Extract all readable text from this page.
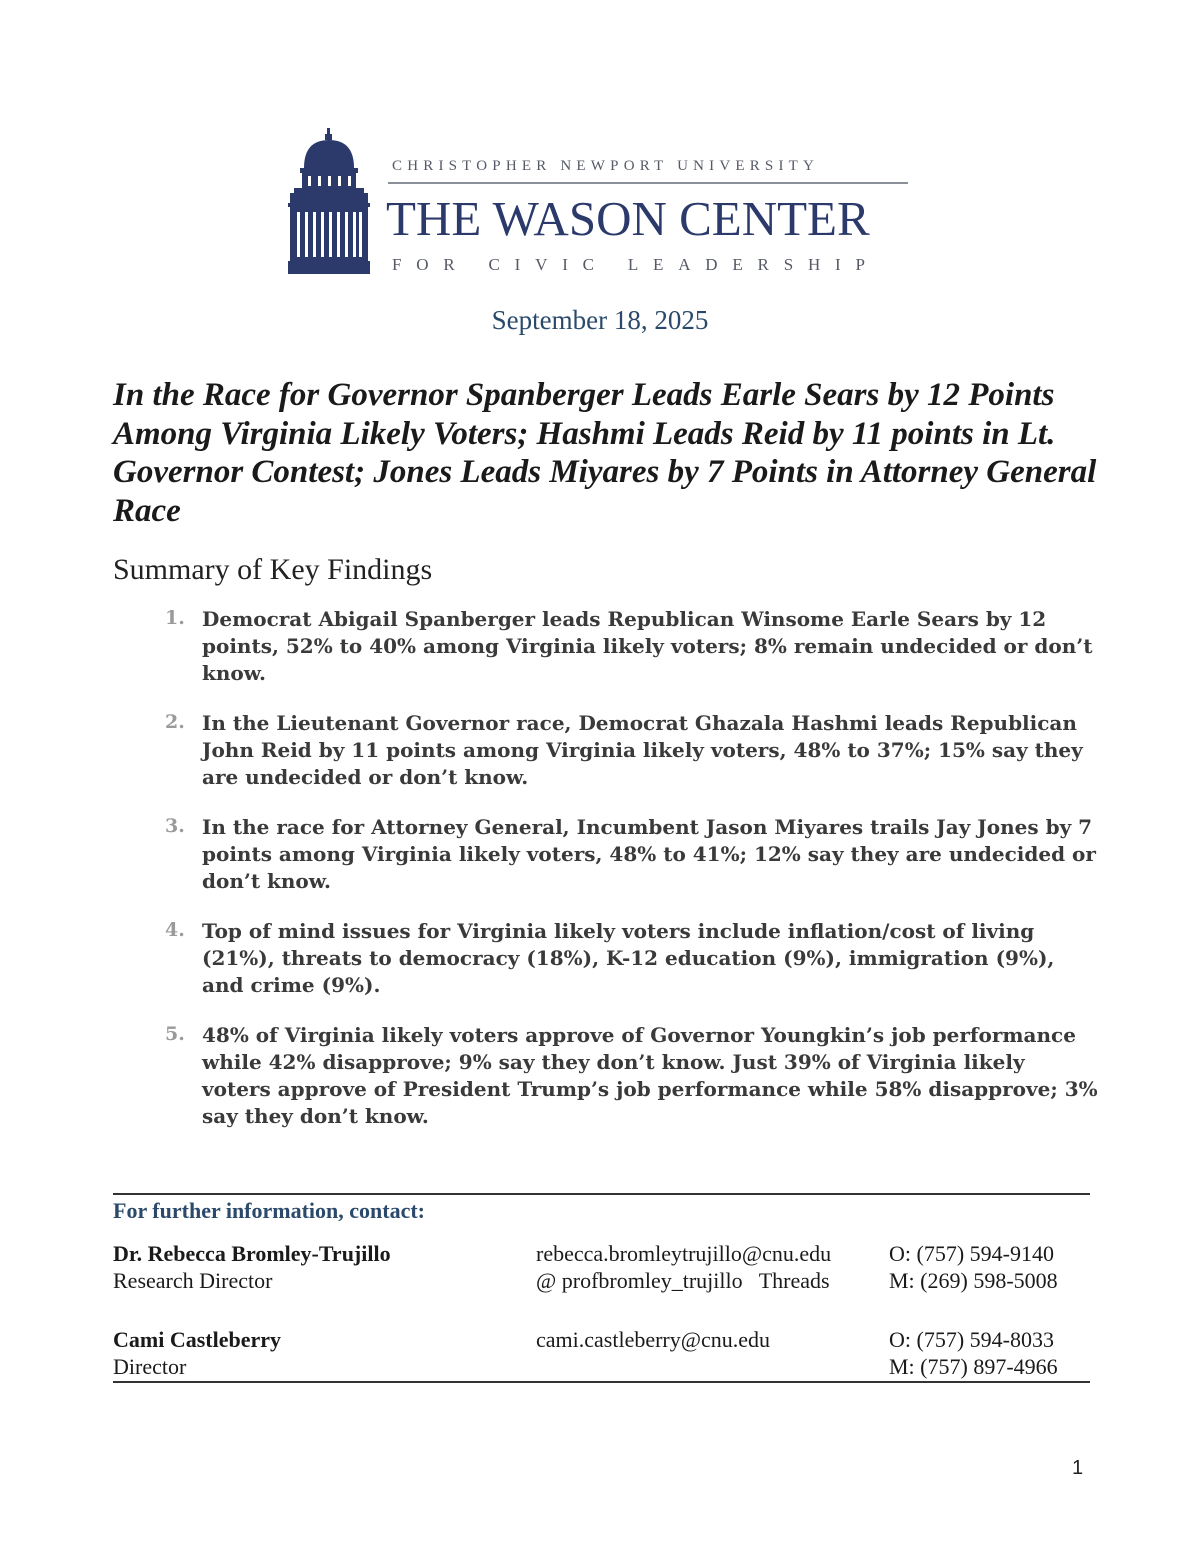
CHRISTOPHER NEWPORT UNIVERSITY
THE WASON CENTER
FOR CIVIC LEADERSHIP
September 18, 2025
In the Race for Governor Spanberger Leads Earle Sears by 12 Points Among Virginia Likely Voters; Hashmi Leads Reid by 11 points in Lt. Governor Contest; Jones Leads Miyares by 7 Points in Attorney General Race
Summary of Key Findings
1. Democrat Abigail Spanberger leads Republican Winsome Earle Sears by 12 points, 52% to 40% among Virginia likely voters; 8% remain undecided or don’t know.
2. In the Lieutenant Governor race, Democrat Ghazala Hashmi leads Republican John Reid by 11 points among Virginia likely voters, 48% to 37%; 15% say they are undecided or don’t know.
3. In the race for Attorney General, Incumbent Jason Miyares trails Jay Jones by 7 points among Virginia likely voters, 48% to 41%; 12% say they are undecided or don’t know.
4. Top of mind issues for Virginia likely voters include inflation/cost of living (21%), threats to democracy (18%), K-12 education (9%), immigration (9%), and crime (9%).
5. 48% of Virginia likely voters approve of Governor Youngkin’s job performance while 42% disapprove; 9% say they don’t know. Just 39% of Virginia likely voters approve of President Trump’s job performance while 58% disapprove; 3% say they don’t know.
For further information, contact:
Dr. Rebecca Bromley-Trujillo
Research Director
rebecca.bromleytrujillo@cnu.edu
@ profbromley_trujillo   Threads
O: (757) 594-9140
M: (269) 598-5008
Cami Castleberry
Director
cami.castleberry@cnu.edu	O: (757) 594-8033
M: (757) 897-4966
1
